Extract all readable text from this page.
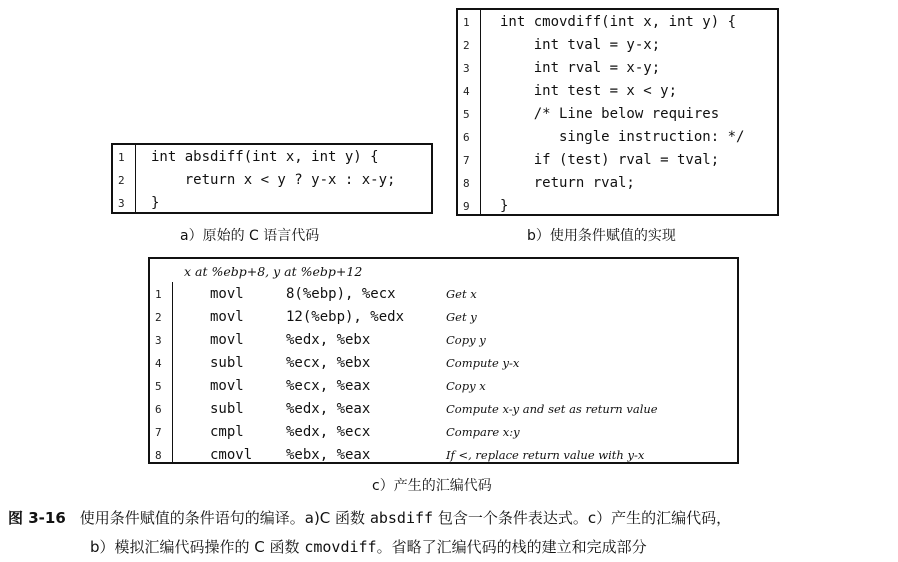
1	int absdiff(int x, int y) {
2	return x < y ? y-x : x-y;
3	}
a）原始的 C 语言代码
1	int cmovdiff(int x, int y) {
2	int tval = y-x;
3	int rval = x-y;
4	int test = x < y;
5	/* Line below requires
6	single instruction: */
7	if (test) rval = tval;
8	return rval;
9	}
b）使用条件赋值的实现
x at %ebp+8, y at %ebp+12
1	movl	8(%ebp), %ecx	Get x
2	movl	12(%ebp), %edx	Get y
3	movl	%edx, %ebx	Copy y
4	subl	%ecx, %ebx	Compute y-x
5	movl	%ecx, %eax	Copy x
6	subl	%edx, %eax	Compute x-y and set as return value
7	cmpl	%edx, %ecx	Compare x:y
8	cmovl %ebx, %eax	If <, replace return value with y-x
c）产生的汇编代码
图 3-16 使用条件赋值的条件语句的编译。a)C 函数 absdiff 包含一个条件表达式。c）产生的汇编代码，
b）模拟汇编代码操作的 C 函数 cmovdiff。省略了汇编代码的栈的建立和完成部分
